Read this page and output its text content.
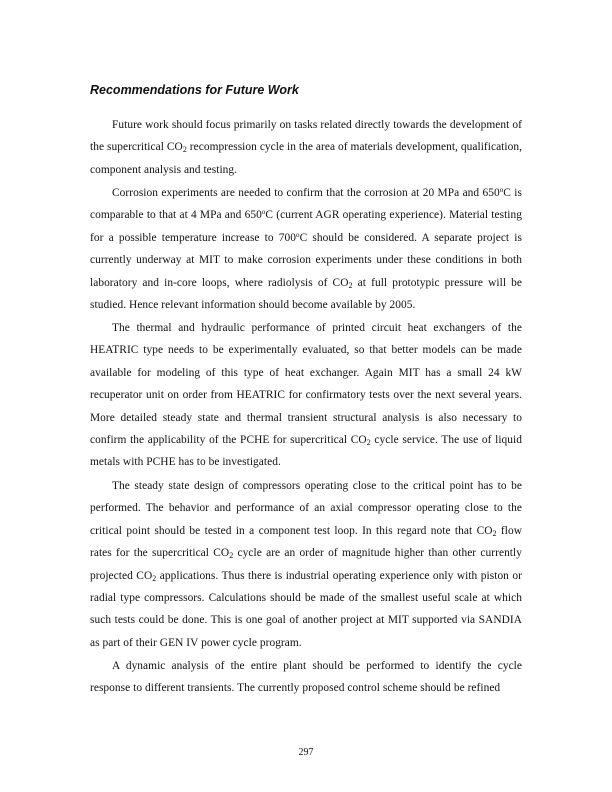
Recommendations for Future Work

Future work should focus primarily on tasks related directly towards the development of the supercritical $CO_2$ recompression cycle in the area of materials development, qualification, component analysis and testing.

Corrosion experiments are needed to confirm that the corrosion at 20 MPa and 650$^o$C is comparable to that at 4 MPa and 650$^o$C (current AGR operating experience). Material testing for a possible temperature increase to 700$^o$C should be considered. A separate project is currently underway at MIT to make corrosion experiments under these conditions in both laboratory and in-core loops, where radiolysis of $CO_2$ at full prototypic pressure will be studied. Hence relevant information should become available by 2005.

The thermal and hydraulic performance of printed circuit heat exchangers of the HEATRIC type needs to be experimentally evaluated, so that better models can be made available for modeling of this type of heat exchanger. Again MIT has a small 24 kW recuperator unit on order from HEATRIC for confirmatory tests over the next several years. More detailed steady state and thermal transient structural analysis is also necessary to confirm the applicability of the PCHE for supercritical $CO_2$ cycle service. The use of liquid metals with PCHE has to be investigated.

The steady state design of compressors operating close to the critical point has to be performed. The behavior and performance of an axial compressor operating close to the critical point should be tested in a component test loop. In this regard note that $CO_2$ flow rates for the supercritical $CO_2$ cycle are an order of magnitude higher than other currently projected $CO_2$ applications. Thus there is industrial operating experience only with piston or radial type compressors. Calculations should be made of the smallest useful scale at which such tests could be done. This is one goal of another project at MIT supported via SANDIA as part of their GEN IV power cycle program.

A dynamic analysis of the entire plant should be performed to identify the cycle response to different transients. The currently proposed control scheme should be refined

297
